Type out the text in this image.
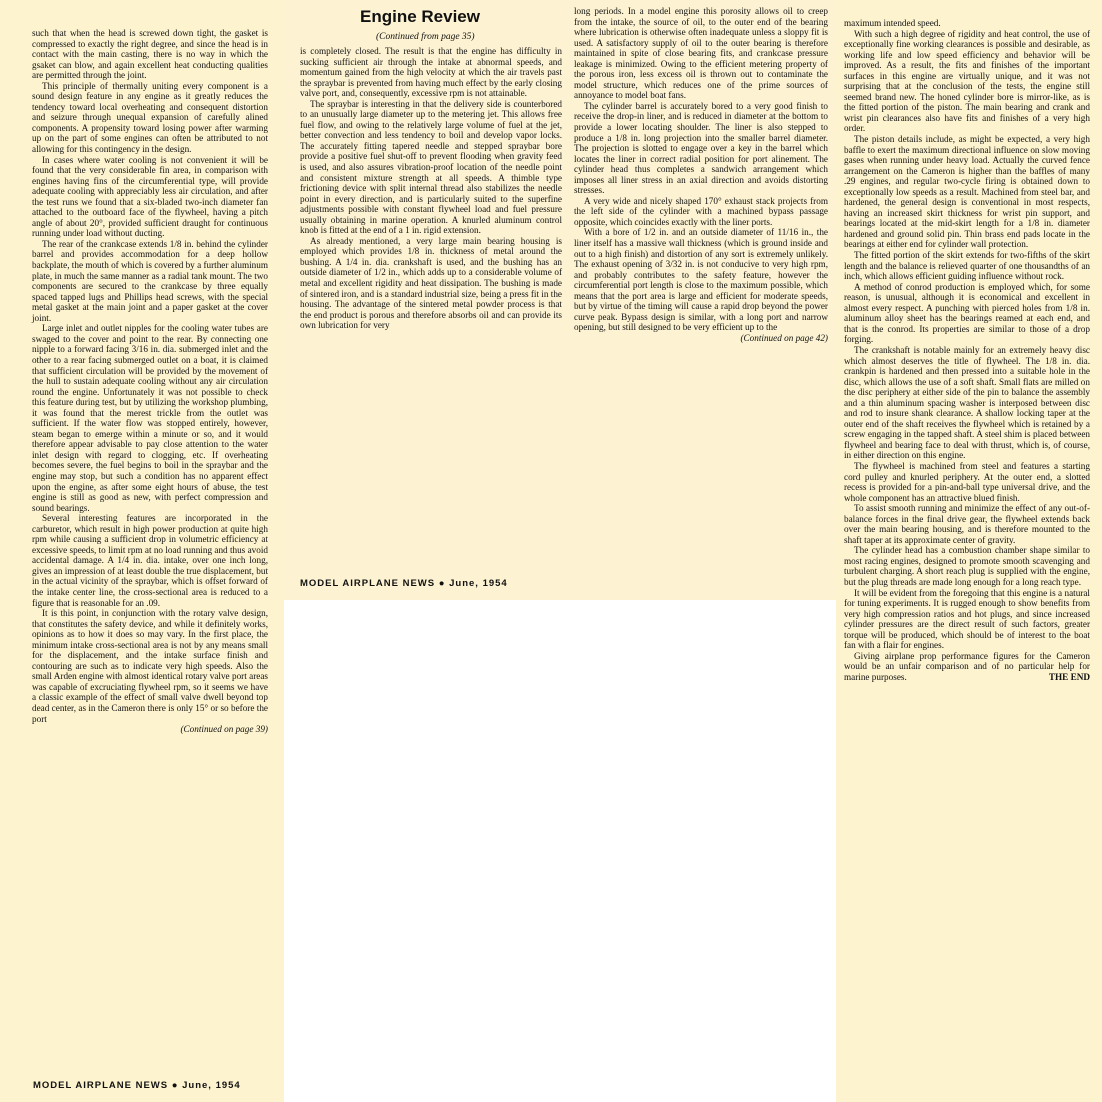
such that when the head is screwed down tight, the gasket is compressed to exactly the right degree, and since the head is in contact with the main casting, there is no way in which the gsaket can blow, and again excellent heat conducting qualities are permitted through the joint.

This principle of thermally uniting every component is a sound design feature in any engine as it greatly reduces the tendency toward local overheating and consequent distortion and seizure through unequal expansion of carefully alined components. A propensity toward losing power after warming up on the part of some engines can often be attributed to not allowing for this contingency in the design.

In cases where water cooling is not convenient it will be found that the very considerable fin area, in comparison with engines having fins of the circumferential type, will provide adequate cooling with appreciably less air circulation, and after the test runs we found that a six-bladed two-inch diameter fan attached to the outboard face of the flywheel, having a pitch angle of about 20°, provided sufficient draught for continuous running under load without ducting.

The rear of the crankcase extends 1/8 in. behind the cylinder barrel and provides accommodation for a deep hollow backplate, the mouth of which is covered by a further aluminum plate, in much the same manner as a radial tank mount. The two components are secured to the crankcase by three equally spaced tapped lugs and Phillips head screws, with the special metal gasket at the main joint and a paper gasket at the cover joint.

Large inlet and outlet nipples for the cooling water tubes are swaged to the cover and point to the rear. By connecting one nipple to a forward facing 3/16 in. dia. submerged inlet and the other to a rear facing submerged outlet on a boat, it is claimed that sufficient circulation will be provided by the movement of the hull to sustain adequate cooling without any air circulation round the engine. Unfortunately it was not possible to check this feature during test, but by utilizing the workshop plumbing, it was found that the merest trickle from the outlet was sufficient. If the water flow was stopped entirely, however, steam began to emerge within a minute or so, and it would therefore appear advisable to pay close attention to the water inlet design with regard to clogging, etc. If overheating becomes severe, the fuel begins to boil in the spraybar and the engine may stop, but such a condition has no apparent effect upon the engine, as after some eight hours of abuse, the test engine is still as good as new, with perfect compression and sound bearings.

Several interesting features are incorporated in the carburetor, which result in high power production at quite high rpm while causing a sufficient drop in volumetric efficiency at excessive speeds, to limit rpm at no load running and thus avoid accidental damage. A 1/4 in. dia. intake, over one inch long, gives an impression of at least double the true displacement, but in the actual vicinity of the spraybar, which is offset forward of the intake center line, the cross-sectional area is reduced to a figure that is reasonable for an .09.

It is this point, in conjunction with the rotary valve design, that constitutes the safety device, and while it definitely works, opinions as to how it does so may vary. In the first place, the minimum intake cross-sectional area is not by any means small for the displacement, and the intake surface finish and contouring are such as to indicate very high speeds. Also the small Arden engine with almost identical rotary valve port areas was capable of excruciating flywheel rpm, so it seems we have a classic example of the effect of small valve dwell beyond top dead center, as in the Cameron there is only 15° or so before the port

(Continued on page 39)
MODEL AIRPLANE NEWS ● June, 1954
Engine Review
(Continued from page 35)

is completely closed. The result is that the engine has difficulty in sucking sufficient air through the intake at abnormal speeds, and momentum gained from the high velocity at which the air travels past the spraybar is prevented from having much effect by the early closing valve port, and, consequently, excessive rpm is not attainable.

The spraybar is interesting in that the delivery side is counterbored to an unusually large diameter up to the metering jet. This allows free fuel flow, and owing to the relatively large volume of fuel at the jet, better convection and less tendency to boil and develop vapor locks. The accurately fitting tapered needle and stepped spraybar bore provide a positive fuel shut-off to prevent flooding when gravity feed is used, and also assures vibration-proof location of the needle point and consistent mixture strength at all speeds. A thimble type frictioning device with split internal thread also stabilizes the needle point in every direction, and is particularly suited to the superfine adjustments possible with constant flywheel load and fuel pressure usually obtaining in marine operation. A knurled aluminum control knob is fitted at the end of a 1 in. rigid extension.

As already mentioned, a very large main bearing housing is employed which provides 1/8 in. thickness of metal around the bushing. A 1/4 in. dia. crankshaft is used, and the bushing has an outside diameter of 1/2 in., which adds up to a considerable volume of metal and excellent rigidity and heat dissipation. The bushing is made of sintered iron, and is a standard industrial size, being a press fit in the housing. The advantage of the sintered metal powder process is that the end product is porous and therefore absorbs oil and can provide its own lubrication for very

long periods. In a model engine this porosity allows oil to creep from the intake, the source of oil, to the outer end of the bearing where lubrication is otherwise often inadequate unless a sloppy fit is used. A satisfactory supply of oil to the outer bearing is therefore maintained in spite of close bearing fits, and crankcase pressure leakage is minimized. Owing to the efficient metering property of the porous iron, less excess oil is thrown out to contaminate the model structure, which reduces one of the prime sources of annoyance to model boat fans.

The cylinder barrel is accurately bored to a very good finish to receive the drop-in liner, and is reduced in diameter at the bottom to provide a lower locating shoulder. The liner is also stepped to produce a 1/8 in. long projection into the smaller barrel diameter. The projection is slotted to engage over a key in the barrel which locates the liner in correct radial position for port alinement. The cylinder head thus completes a sandwich arrangement which imposes all liner stress in an axial direction and avoids distorting stresses.

A very wide and nicely shaped 170° exhaust stack projects from the left side of the cylinder with a machined bypass passage opposite, which coincides exactly with the liner ports.

With a bore of 1/2 in. and an outside diameter of 11/16 in., the liner itself has a massive wall thickness (which is ground inside and out to a high finish) and distortion of any sort is extremely unlikely. The exhaust opening of 3/32 in. is not conducive to very high rpm, and probably contributes to the safety feature, however the circumferential port length is close to the maximum possible, which means that the port area is large and efficient for moderate speeds, but by virtue of the timing will cause a rapid drop beyond the power curve peak. Bypass design is similar, with a long port and narrow opening, but still designed to be very efficient up to the

(Continued on page 42)
MODEL AIRPLANE NEWS ● June, 1954

maximum intended speed.

With such a high degree of rigidity and heat control, the use of exceptionally fine working clearances is possible and desirable, as working life and low speed efficiency and behavior will be improved. As a result, the fits and finishes of the important surfaces in this engine are virtually unique, and it was not surprising that at the conclusion of the tests, the engine still seemed brand new. The honed cylinder bore is mirror-like, as is the fitted portion of the piston. The main bearing and crank and wrist pin clearances also have fits and finishes of a very high order.

The piston details include, as might be expected, a very high baffle to exert the maximum directional influence on slow moving gases when running under heavy load. Actually the curved fence arrangement on the Cameron is higher than the baffles of many .29 engines, and regular two-cycle firing is obtained down to exceptionally low speeds as a result. Machined from steel bar, and hardened, the general design is conventional in most respects, having an increased skirt thickness for wrist pin support, and bearings located at the mid-skirt length for a 1/8 in. diameter hardened and ground solid pin. Thin brass end pads locate in the bearings at either end for cylinder wall protection.

The fitted portion of the skirt extends for two-fifths of the skirt length and the balance is relieved quarter of one thousandths of an inch, which allows efficient guiding influence without rock.

A method of conrod production is employed which, for some reason, is unusual, although it is economical and excellent in almost every respect. A punching with pierced holes from 1/8 in. aluminum alloy sheet has the bearings reamed at each end, and that is the conrod. Its properties are similar to those of a drop forging.

The crankshaft is notable mainly for an extremely heavy disc which almost deserves the title of flywheel. The 1/8 in. dia. crankpin is hardened and then pressed into a suitable hole in the disc, which allows the use of a soft shaft. Small flats are milled on the disc periphery at either side of the pin to balance the assembly and a thin aluminum spacing washer is interposed between disc and rod to insure shank clearance. A shallow locking taper at the outer end of the shaft receives the flywheel which is retained by a screw engaging in the tapped shaft. A steel shim is placed between flywheel and bearing face to deal with thrust, which is, of course, in either direction on this engine.

The flywheel is machined from steel and features a starting cord pulley and knurled periphery. At the outer end, a slotted recess is provided for a pin-and-ball type universal drive, and the whole component has an attractive blued finish.

To assist smooth running and minimize the effect of any out-of-balance forces in the final drive gear, the flywheel extends back over the main bearing housing, and is therefore mounted to the shaft taper at its approximate center of gravity.

The cylinder head has a combustion chamber shape similar to most racing engines, designed to promote smooth scavenging and turbulent charging. A short reach plug is supplied with the engine, but the plug threads are made long enough for a long reach type.

It will be evident from the foregoing that this engine is a natural for tuning experiments. It is rugged enough to show benefits from very high compression ratios and hot plugs, and since increased cylinder pressures are the direct result of such factors, greater torque will be produced, which should be of interest to the boat fan with a flair for engines.

Giving airplane prop performance figures for the Cameron would be an unfair comparison and of no particular help for marine purposes.	THE END
